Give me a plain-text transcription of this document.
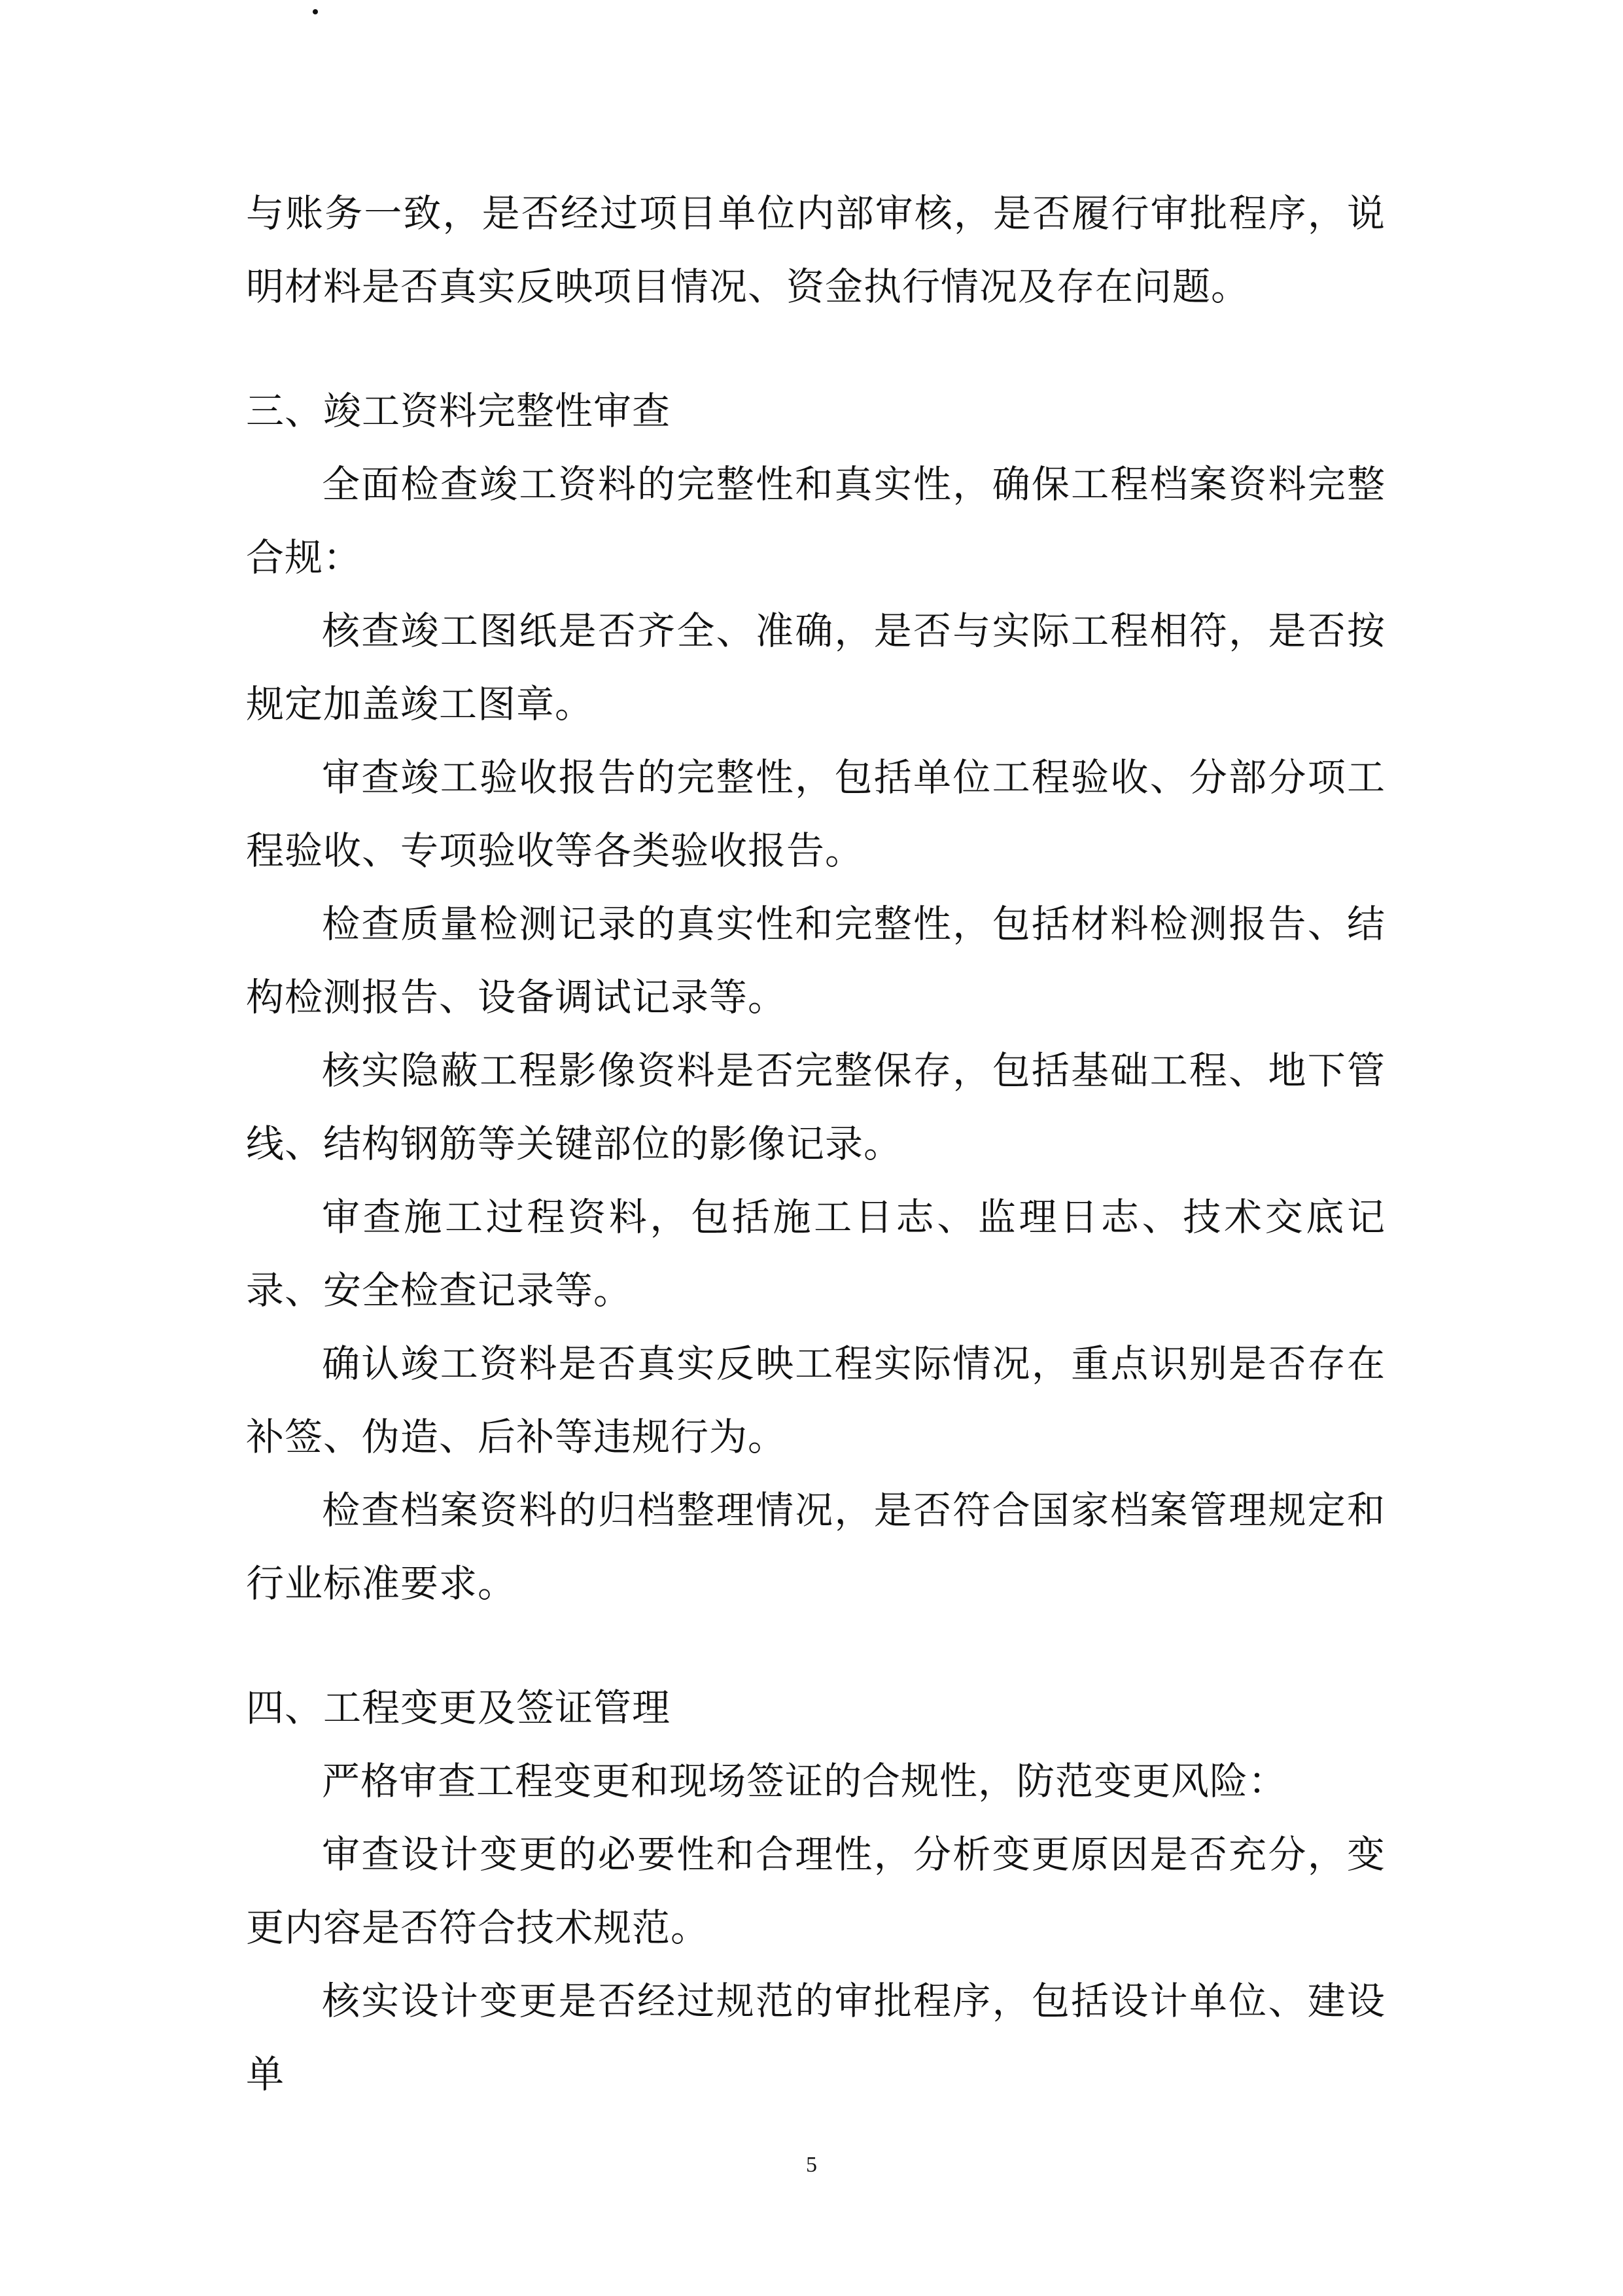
与账务一致，是否经过项目单位内部审核，是否履行审批程序，说明材料是否真实反映项目情况、资金执行情况及存在问题。

三、竣工资料完整性审查

全面检查竣工资料的完整性和真实性，确保工程档案资料完整合规：

核查竣工图纸是否齐全、准确，是否与实际工程相符，是否按规定加盖竣工图章。

审查竣工验收报告的完整性，包括单位工程验收、分部分项工程验收、专项验收等各类验收报告。

检查质量检测记录的真实性和完整性，包括材料检测报告、结构检测报告、设备调试记录等。

核实隐蔽工程影像资料是否完整保存，包括基础工程、地下管线、结构钢筋等关键部位的影像记录。

审查施工过程资料，包括施工日志、监理日志、技术交底记录、安全检查记录等。

确认竣工资料是否真实反映工程实际情况，重点识别是否存在补签、伪造、后补等违规行为。

检查档案资料的归档整理情况，是否符合国家档案管理规定和行业标准要求。

四、工程变更及签证管理

严格审查工程变更和现场签证的合规性，防范变更风险：

审查设计变更的必要性和合理性，分析变更原因是否充分，变更内容是否符合技术规范。

核实设计变更是否经过规范的审批程序，包括设计单位、建设单

5
